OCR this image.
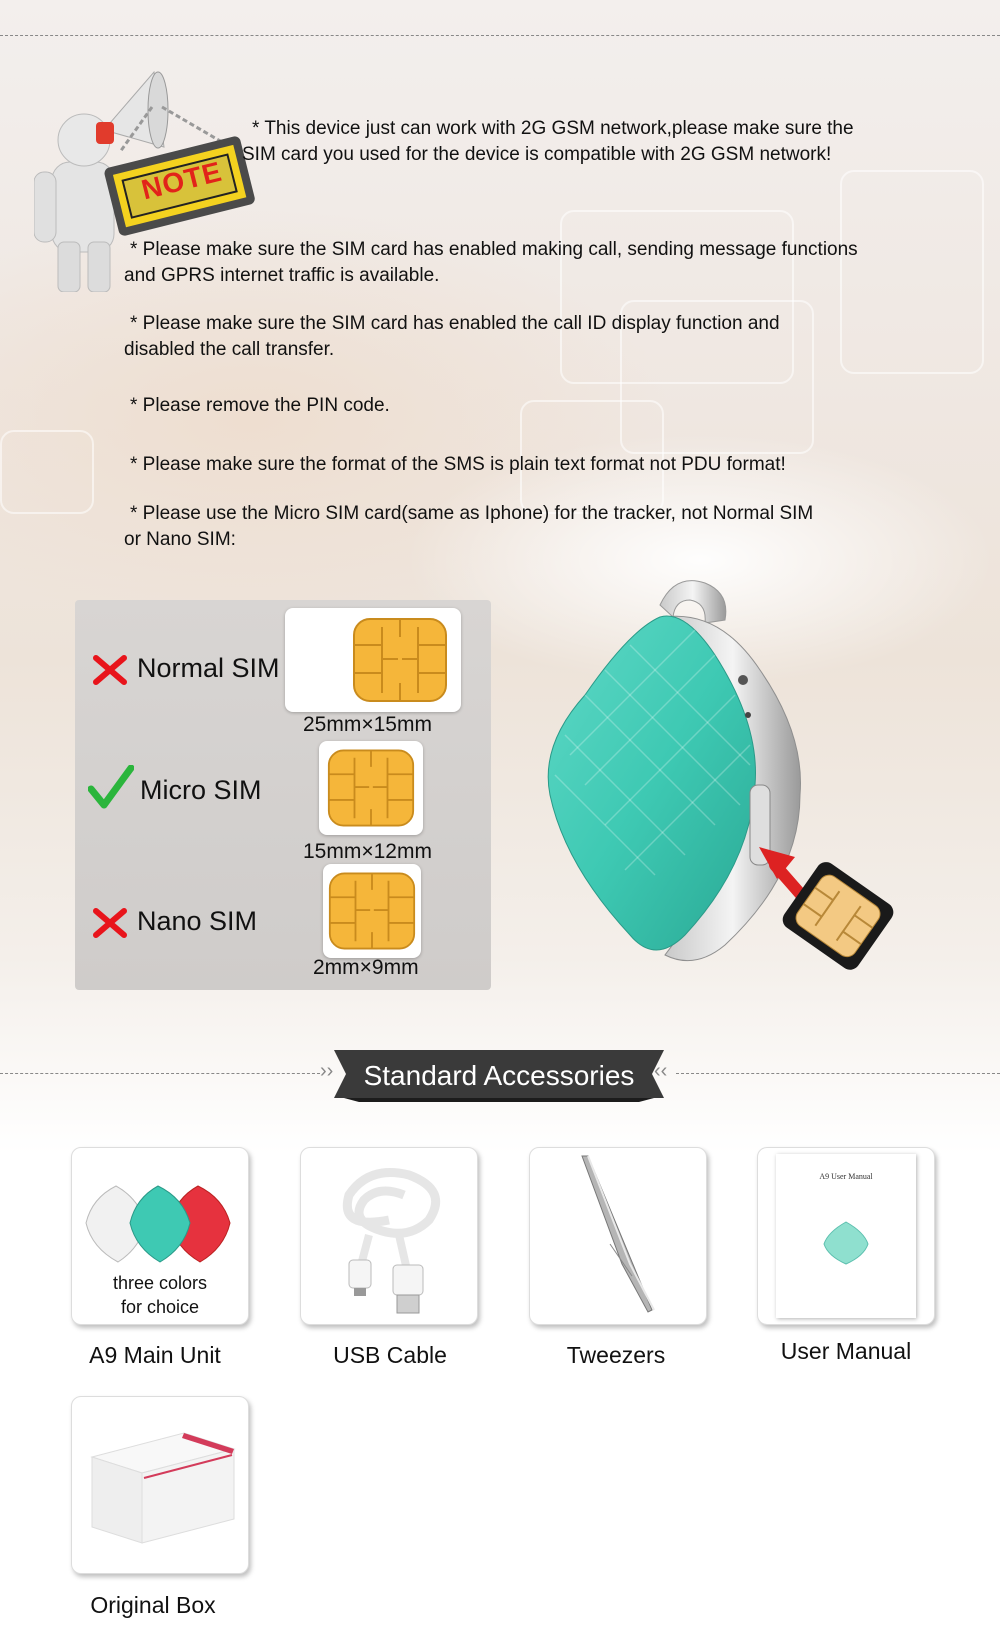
NOTE
* This device just can work with 2G GSM network,please make sure the
SIM card you used for the device is compatible with 2G GSM network!
* Please make sure the SIM card has enabled making call, sending message functions
and GPRS internet traffic is available.
* Please make sure the SIM card has enabled the call ID display function and
disabled the call transfer.
* Please remove the PIN code.
* Please make sure the format of the SMS is plain text format not PDU format!
* Please use the Micro SIM card(same as Iphone) for the tracker, not Normal SIM
or Nano SIM:
Normal SIM
25mm×15mm
Micro SIM
15mm×12mm
Nano SIM
2mm×9mm
››	Standard Accessories ‹‹
three colors
for choice
A9 Main Unit	USB Cable	Tweezers
A9 User Manual
User Manual
Original Box
